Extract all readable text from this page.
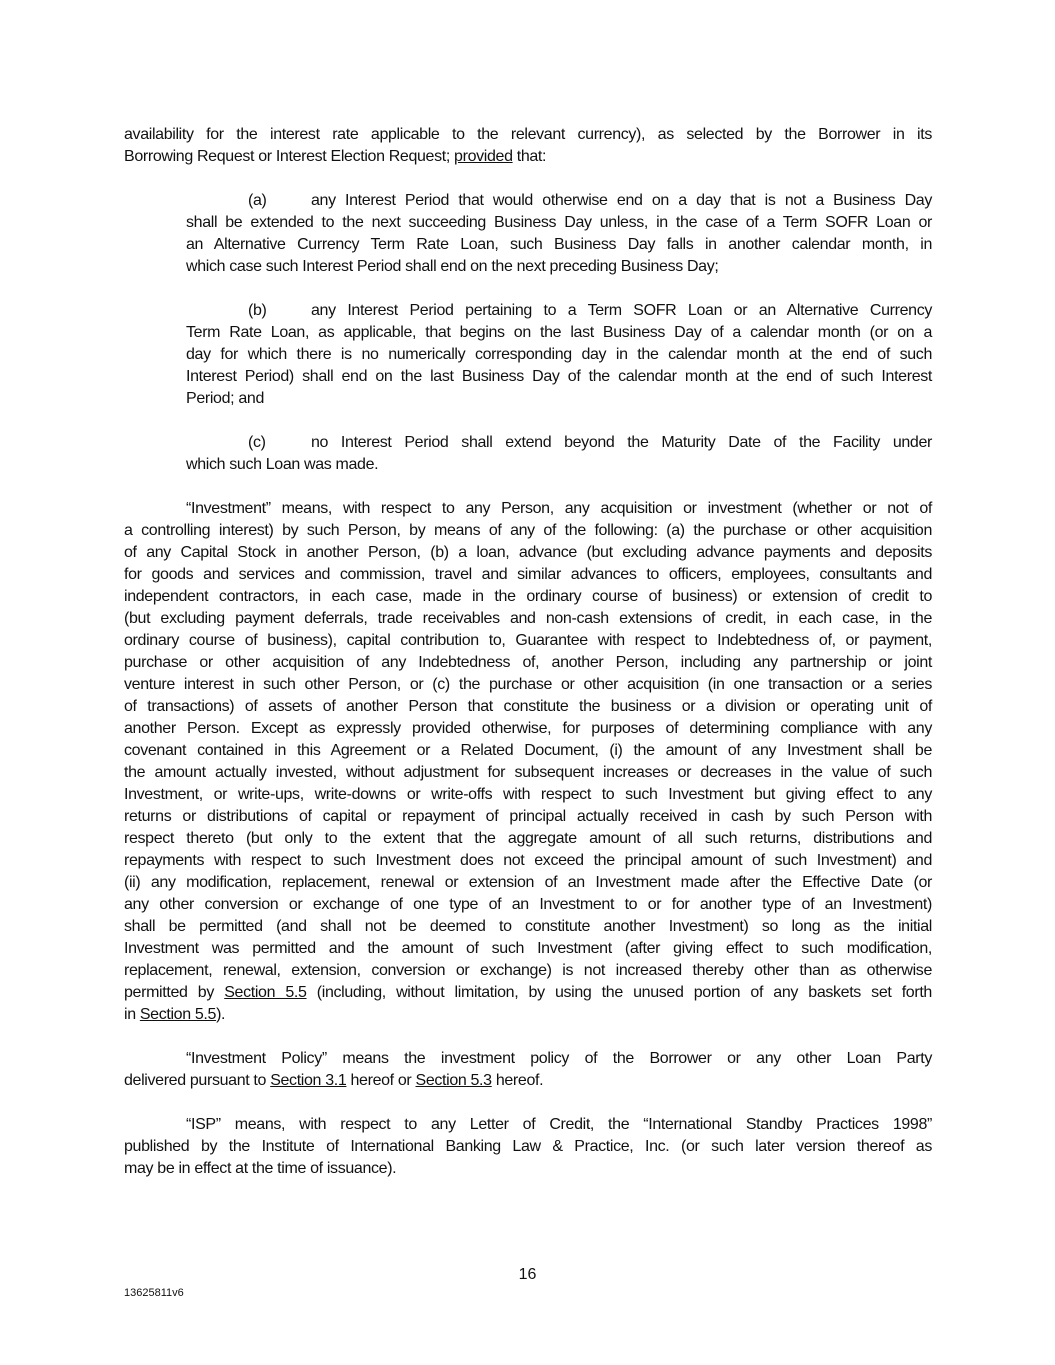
availability for the interest rate applicable to the relevant currency), as selected by the Borrower in its
Borrowing Request or Interest Election Request; provided that:
(a)	any Interest Period that would otherwise end on a day that is not a Business Day
shall be extended to the next succeeding Business Day unless, in the case of a Term SOFR Loan or
an Alternative Currency Term Rate Loan, such Business Day falls in another calendar month, in
which case such Interest Period shall end on the next preceding Business Day;
(b)	any Interest Period pertaining to a Term SOFR Loan or an Alternative Currency
Term Rate Loan, as applicable, that begins on the last Business Day of a calendar month (or on a
day for which there is no numerically corresponding day in the calendar month at the end of such
Interest Period) shall end on the last Business Day of the calendar month at the end of such Interest
Period; and
(c)	no Interest Period shall extend beyond the Maturity Date of the Facility under
which such Loan was made.
“Investment” means, with respect to any Person, any acquisition or investment (whether or not of
a controlling interest) by such Person, by means of any of the following: (a) the purchase or other acquisition
of any Capital Stock in another Person, (b) a loan, advance (but excluding advance payments and deposits
for goods and services and commission, travel and similar advances to officers, employees, consultants and
independent contractors, in each case, made in the ordinary course of business) or extension of credit to
(but excluding payment deferrals, trade receivables and non-cash extensions of credit, in each case, in the
ordinary course of business), capital contribution to, Guarantee with respect to Indebtedness of, or payment,
purchase or other acquisition of any Indebtedness of, another Person, including any partnership or joint
venture interest in such other Person, or (c) the purchase or other acquisition (in one transaction or a series
of transactions) of assets of another Person that constitute the business or a division or operating unit of
another Person. Except as expressly provided otherwise, for purposes of determining compliance with any
covenant contained in this Agreement or a Related Document, (i) the amount of any Investment shall be
the amount actually invested, without adjustment for subsequent increases or decreases in the value of such
Investment, or write-ups, write-downs or write-offs with respect to such Investment but giving effect to any
returns or distributions of capital or repayment of principal actually received in cash by such Person with
respect thereto (but only to the extent that the aggregate amount of all such returns, distributions and
repayments with respect to such Investment does not exceed the principal amount of such Investment) and
(ii) any modification, replacement, renewal or extension of an Investment made after the Effective Date (or
any other conversion or exchange of one type of an Investment to or for another type of an Investment)
shall be permitted (and shall not be deemed to constitute another Investment) so long as the initial
Investment was permitted and the amount of such Investment (after giving effect to such modification,
replacement, renewal, extension, conversion or exchange) is not increased thereby other than as otherwise
permitted by Section 5.5 (including, without limitation, by using the unused portion of any baskets set forth
in Section 5.5).
“Investment Policy” means the investment policy of the Borrower or any other Loan Party
delivered pursuant to Section 3.1 hereof or Section 5.3 hereof.
“ISP” means, with respect to any Letter of Credit, the “International Standby Practices 1998”
published by the Institute of International Banking Law & Practice, Inc. (or such later version thereof as
may be in effect at the time of issuance).
16
13625811v6
